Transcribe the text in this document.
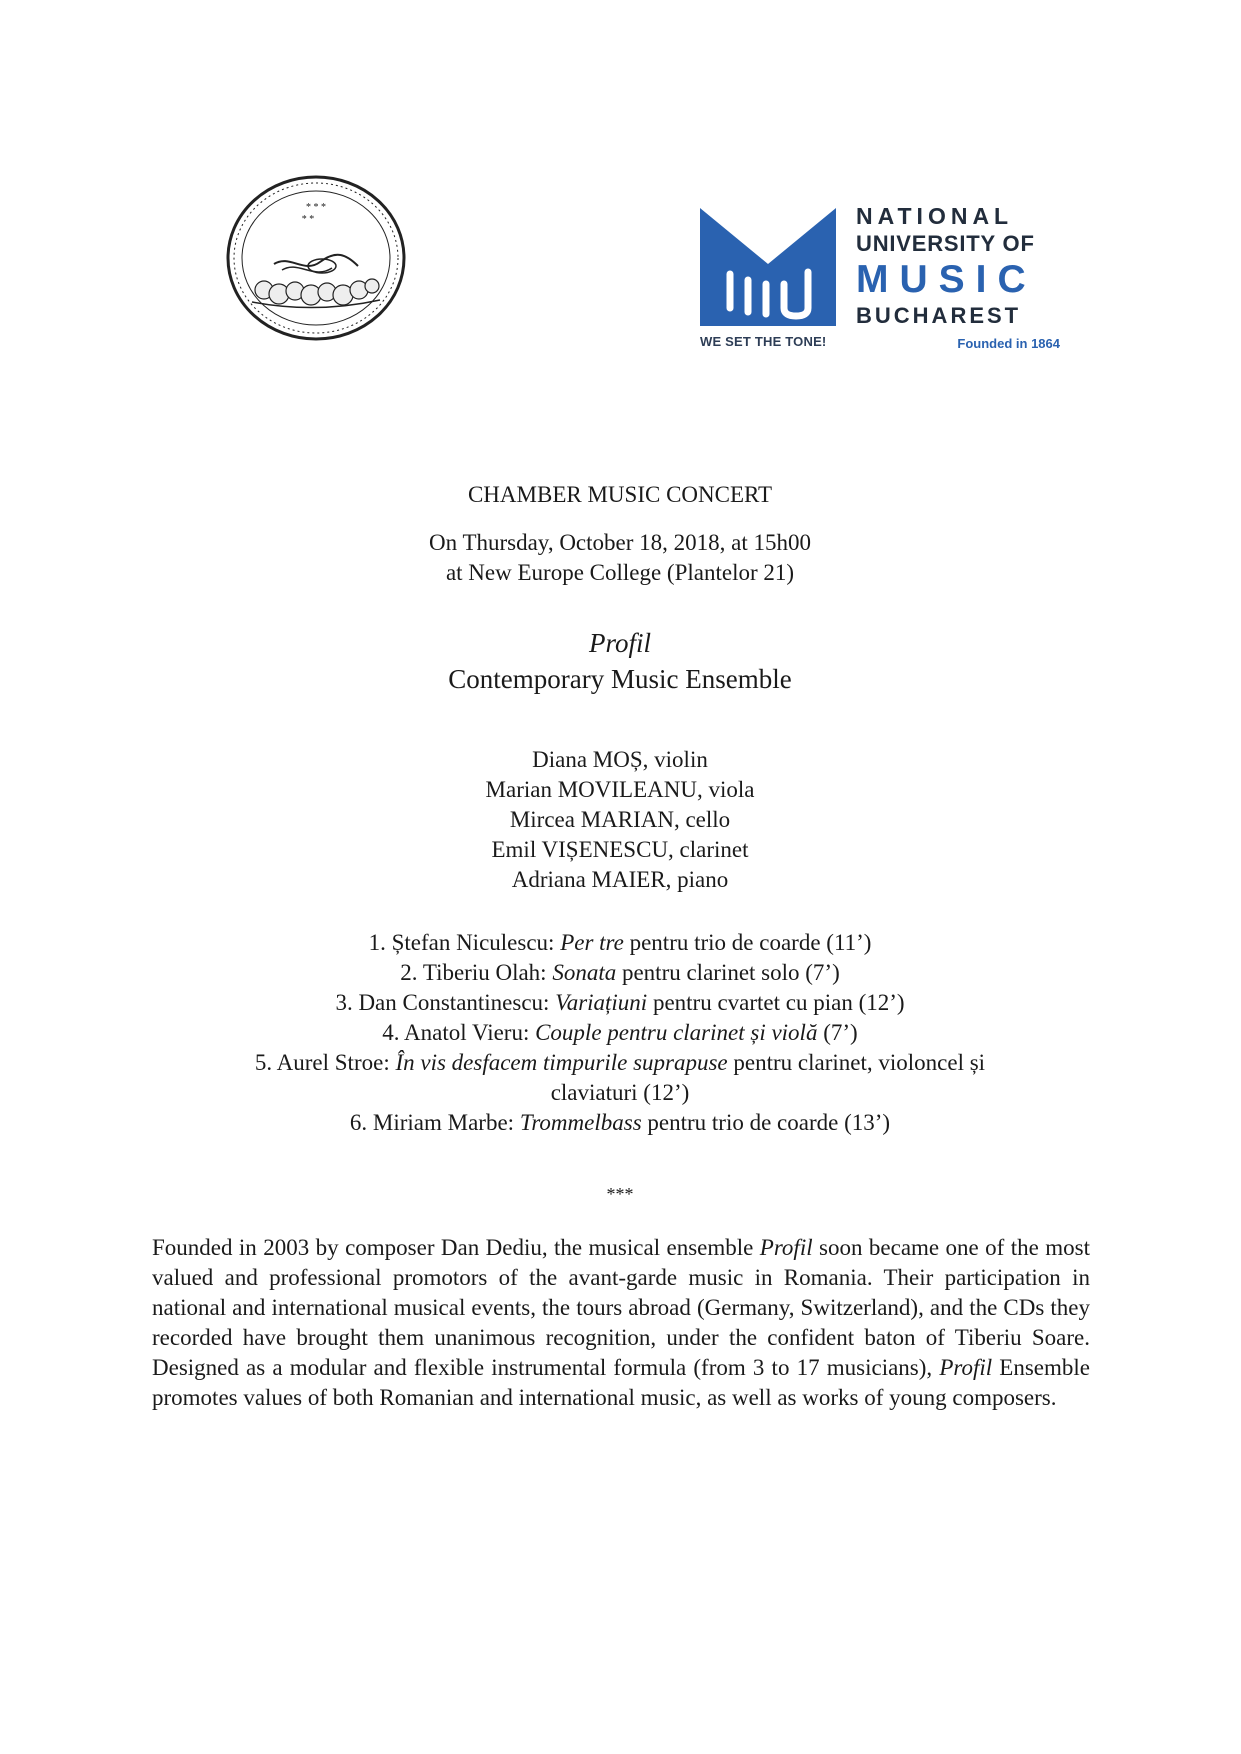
* * *
* *
WE SET THE TONE!
NATIONAL
UNIVERSITY OF
MUSIC
BUCHAREST
Founded in 1864
CHAMBER MUSIC CONCERT
On Thursday, October 18, 2018, at 15h00
at New Europe College (Plantelor 21)
Profil
Contemporary Music Ensemble
Diana MOȘ, violin
Marian MOVILEANU, viola
Mircea MARIAN, cello
Emil VIȘENESCU, clarinet
Adriana MAIER, piano
1. Ștefan Niculescu: Per tre pentru trio de coarde (11’)
2. Tiberiu Olah: Sonata pentru clarinet solo (7’)
3. Dan Constantinescu: Variațiuni pentru cvartet cu pian (12’)
4. Anatol Vieru: Couple pentru clarinet și violă (7’)
5. Aurel Stroe: În vis desfacem timpurile suprapuse pentru clarinet, violoncel și
claviaturi (12’)
6. Miriam Marbe: Trommelbass pentru trio de coarde (13’)
***

Founded in 2003 by composer Dan Dediu, the musical ensemble Profil soon became one of the most valued and professional promotors of the avant-garde music in Romania. Their participation in national and international musical events, the tours abroad (Germany, Switzerland), and the CDs they recorded have brought them unanimous recognition, under the confident baton of Tiberiu Soare. Designed as a modular and flexible instrumental formula (from 3 to 17 musicians), Profil Ensemble promotes values of both Romanian and international music, as well as works of young composers.
